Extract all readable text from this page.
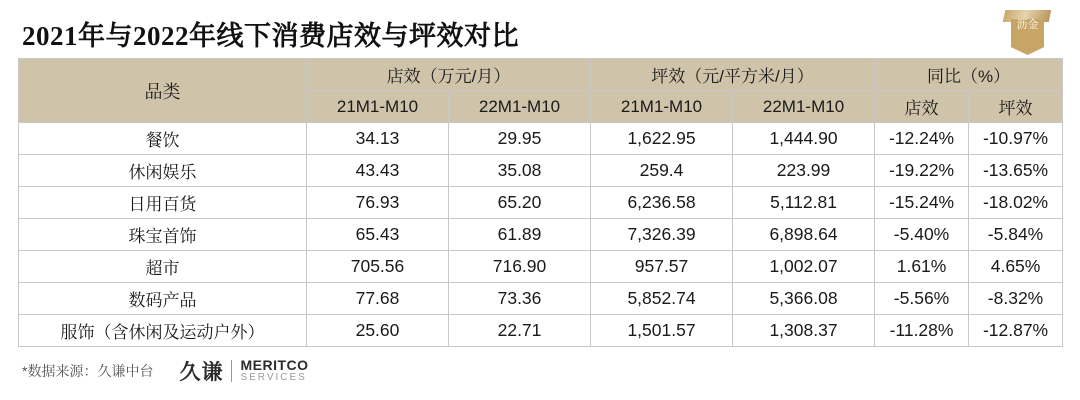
2021年与2022年线下消费店效与坪效对比	沥金
品类	店效（万元/月）		坪效（元/平方米/月）		同比（%）	
	21M1-M10	22M1-M10	21M1-M10	22M1-M10	店效	坪效
餐饮	34.13	29.95	1,622.95	1,444.90	-12.24%	-10.97%
休闲娱乐	43.43	35.08	259.4	223.99	-19.22%	-13.65%
日用百货	76.93	65.20	6,236.58	5,112.81	-15.24%	-18.02%
珠宝首饰	65.43	61.89	7,326.39	6,898.64	-5.40%	-5.84%
超市	705.56	716.90	957.57	1,002.07	1.61%	4.65%
数码产品	77.68	73.36	5,852.74	5,366.08	-5.56%	-8.32%
服饰（含休闲及运动户外）	25.60	22.71	1,501.57	1,308.37	-11.28%	-12.87%
*数据来源：久谦中台 久谦 MERITCO
SERVICES
